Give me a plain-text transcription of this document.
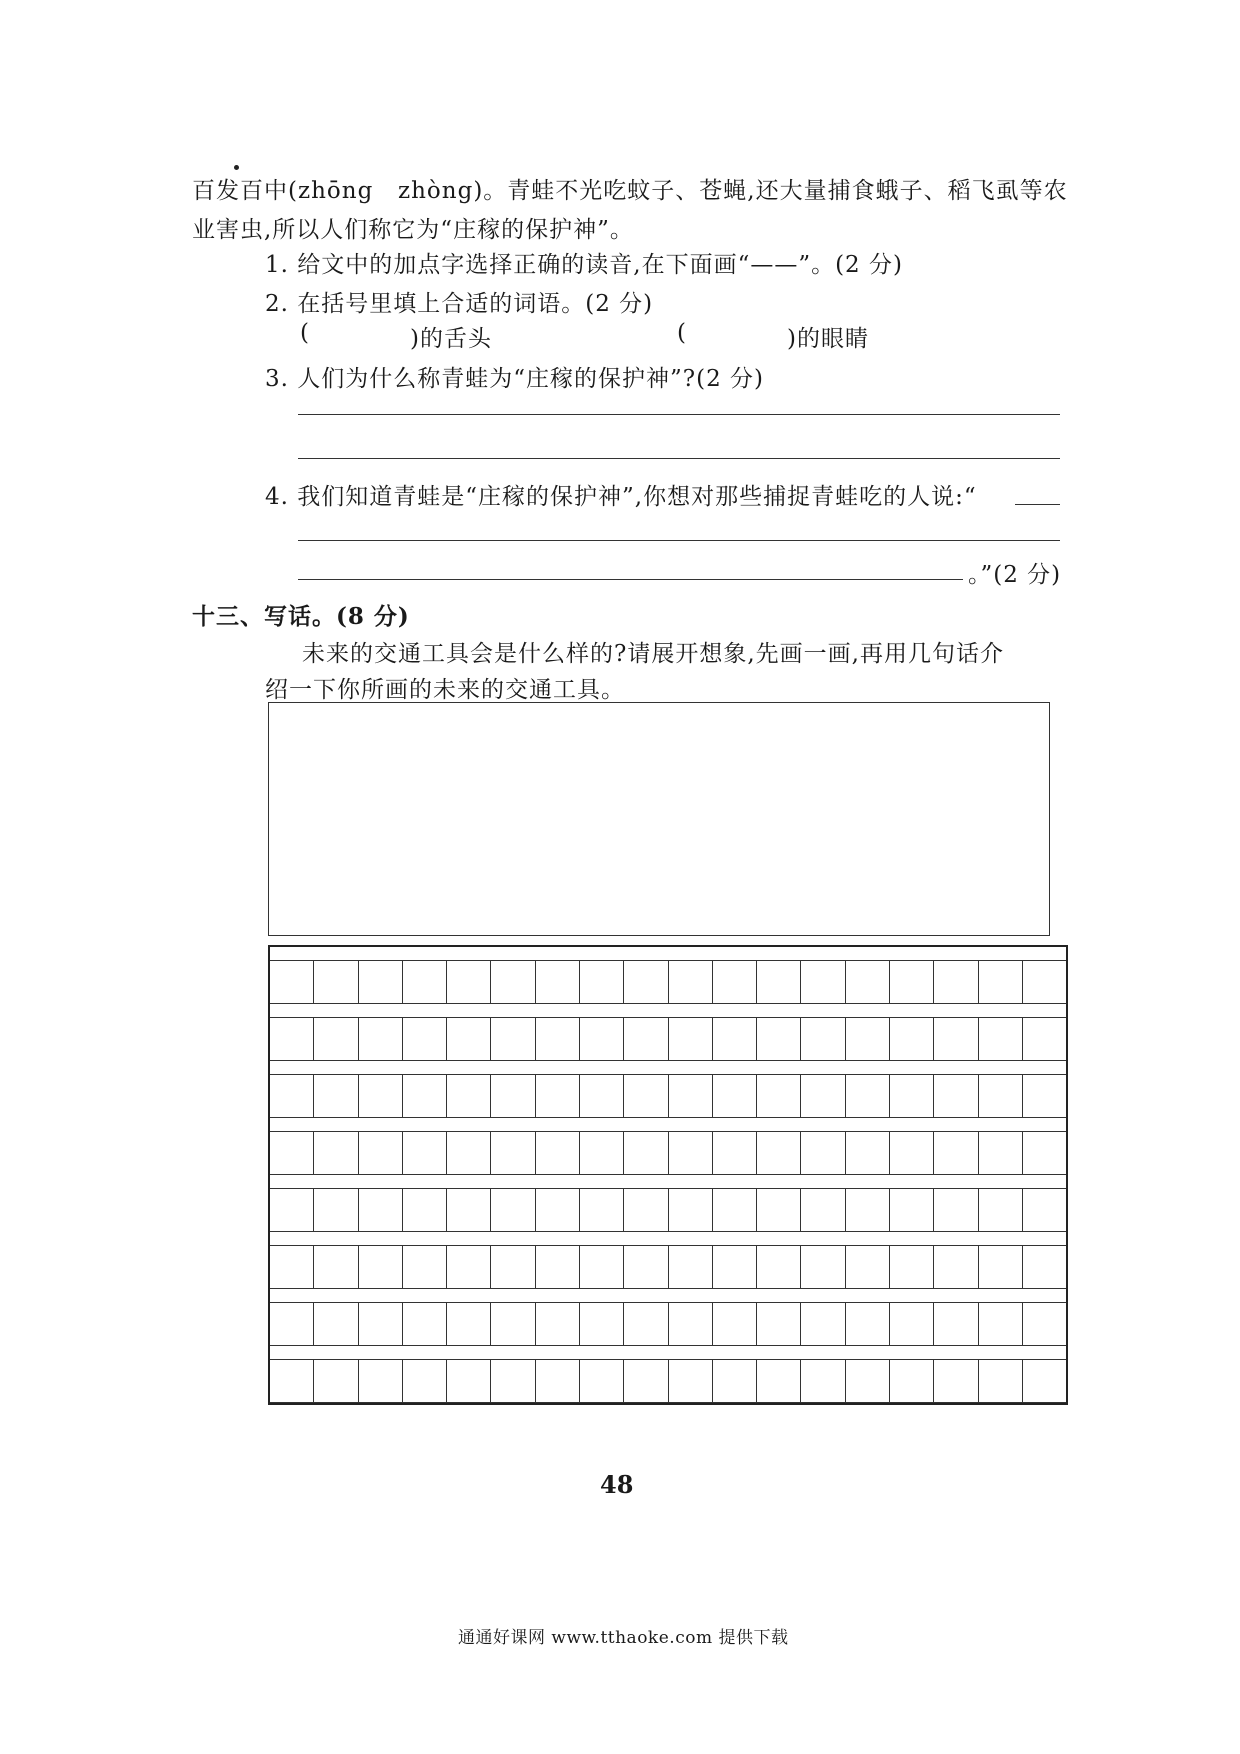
百发百中(zhōng zhòng)。青蛙不光吃蚊子、苍蝇,还大量捕食蛾子、稻飞虱等农
业害虫,所以人们称它为“庄稼的保护神”。
1. 给文中的加点字选择正确的读音,在下面画“——”。(2 分)
2. 在括号里填上合适的词语。(2 分)
(	)的舌头	(	)的眼睛
3. 人们为什么称青蛙为“庄稼的保护神”?(2 分)
4. 我们知道青蛙是“庄稼的保护神”,你想对那些捕捉青蛙吃的人说:“
。”(2 分)
十三、写话。(8 分)
未来的交通工具会是什么样的?请展开想象,先画一画,再用几句话介
绍一下你所画的未来的交通工具。
48
通通好课网 www.tthaoke.com 提供下载
